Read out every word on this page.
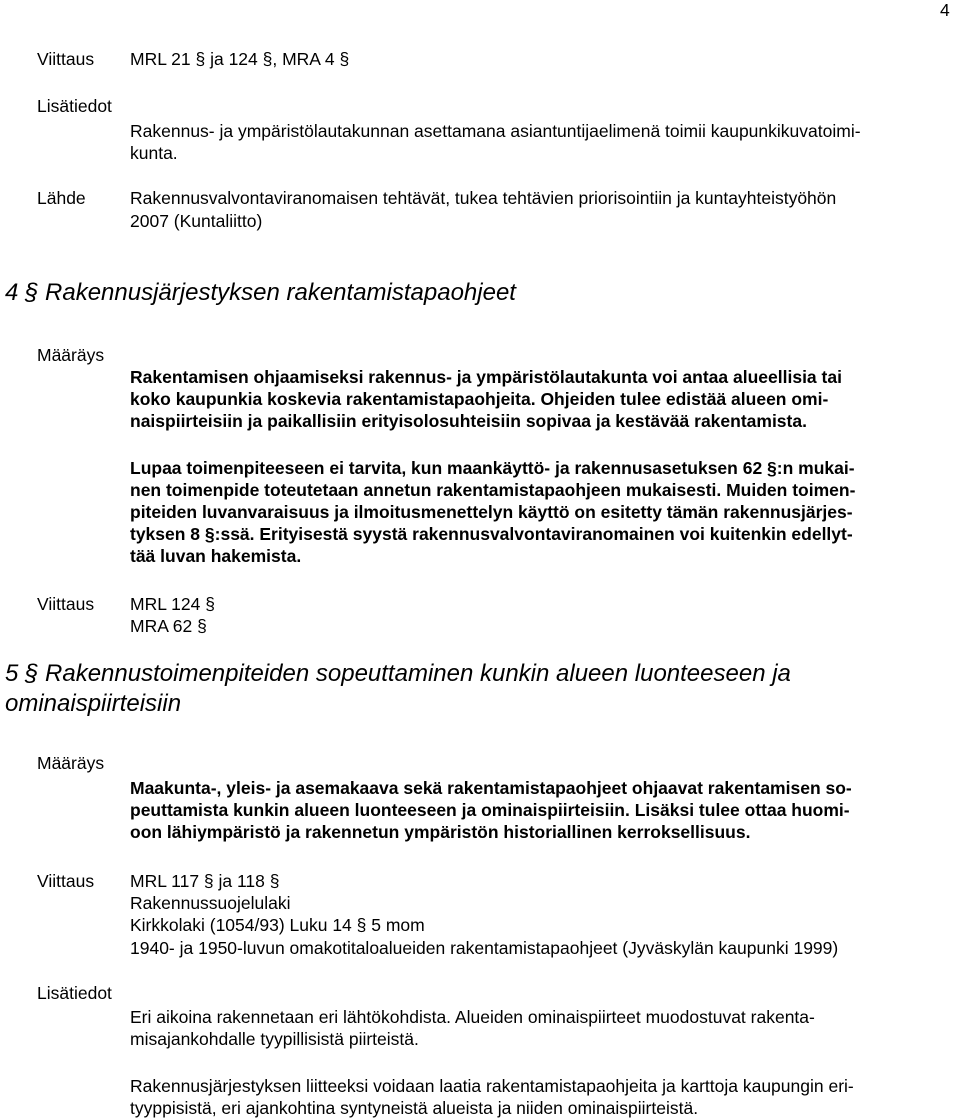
4
Viittaus MRL 21 § ja 124 §, MRA 4 §
Lisätiedot
Rakennus- ja ympäristölautakunnan asettamana asiantuntijaelimenä toimii kaupunkikuvatoimi-
kunta.
Lähde	Rakennusvalvontaviranomaisen tehtävät, tukea tehtävien priorisointiin ja kuntayhteistyöhön
2007 (Kuntaliitto)
4 § Rakennusjärjestyksen rakentamistapaohjeet
Määräys
Rakentamisen ohjaamiseksi rakennus- ja ympäristölautakunta voi antaa alueellisia tai
koko kaupunkia koskevia rakentamistapaohjeita. Ohjeiden tulee edistää alueen omi-
naispiirteisiin ja paikallisiin erityisolosuhteisiin sopivaa ja kestävää rakentamista.
Lupaa toimenpiteeseen ei tarvita, kun maankäyttö- ja rakennusasetuksen 62 §:n mukai-
nen toimenpide toteutetaan annetun rakentamistapaohjeen mukaisesti. Muiden toimen-
piteiden luvanvaraisuus ja ilmoitusmenettelyn käyttö on esitetty tämän rakennusjärjes-
tyksen 8 §:ssä. Erityisestä syystä rakennusvalvontaviranomainen voi kuitenkin edellyt-
tää luvan hakemista.
Viittaus MRL 124 §
MRA 62 §
5 § Rakennustoimenpiteiden sopeuttaminen kunkin alueen luonteeseen ja
ominaispiirteisiin
Määräys
Maakunta-, yleis- ja asemakaava sekä rakentamistapaohjeet ohjaavat rakentamisen so-
peuttamista kunkin alueen luonteeseen ja ominaispiirteisiin. Lisäksi tulee ottaa huomi-
oon lähiympäristö ja rakennetun ympäristön historiallinen kerroksellisuus.
Viittaus MRL 117 § ja 118 §
Rakennussuojelulaki
Kirkkolaki (1054/93) Luku 14 § 5 mom
1940- ja 1950-luvun omakotitaloalueiden rakentamistapaohjeet (Jyväskylän kaupunki 1999)
Lisätiedot
Eri aikoina rakennetaan eri lähtökohdista. Alueiden ominaispiirteet muodostuvat rakenta-
misajankohdalle tyypillisistä piirteistä.
Rakennusjärjestyksen liitteeksi voidaan laatia rakentamistapaohjeita ja karttoja kaupungin eri-
tyyppisistä, eri ajankohtina syntyneistä alueista ja niiden ominaispiirteistä.
